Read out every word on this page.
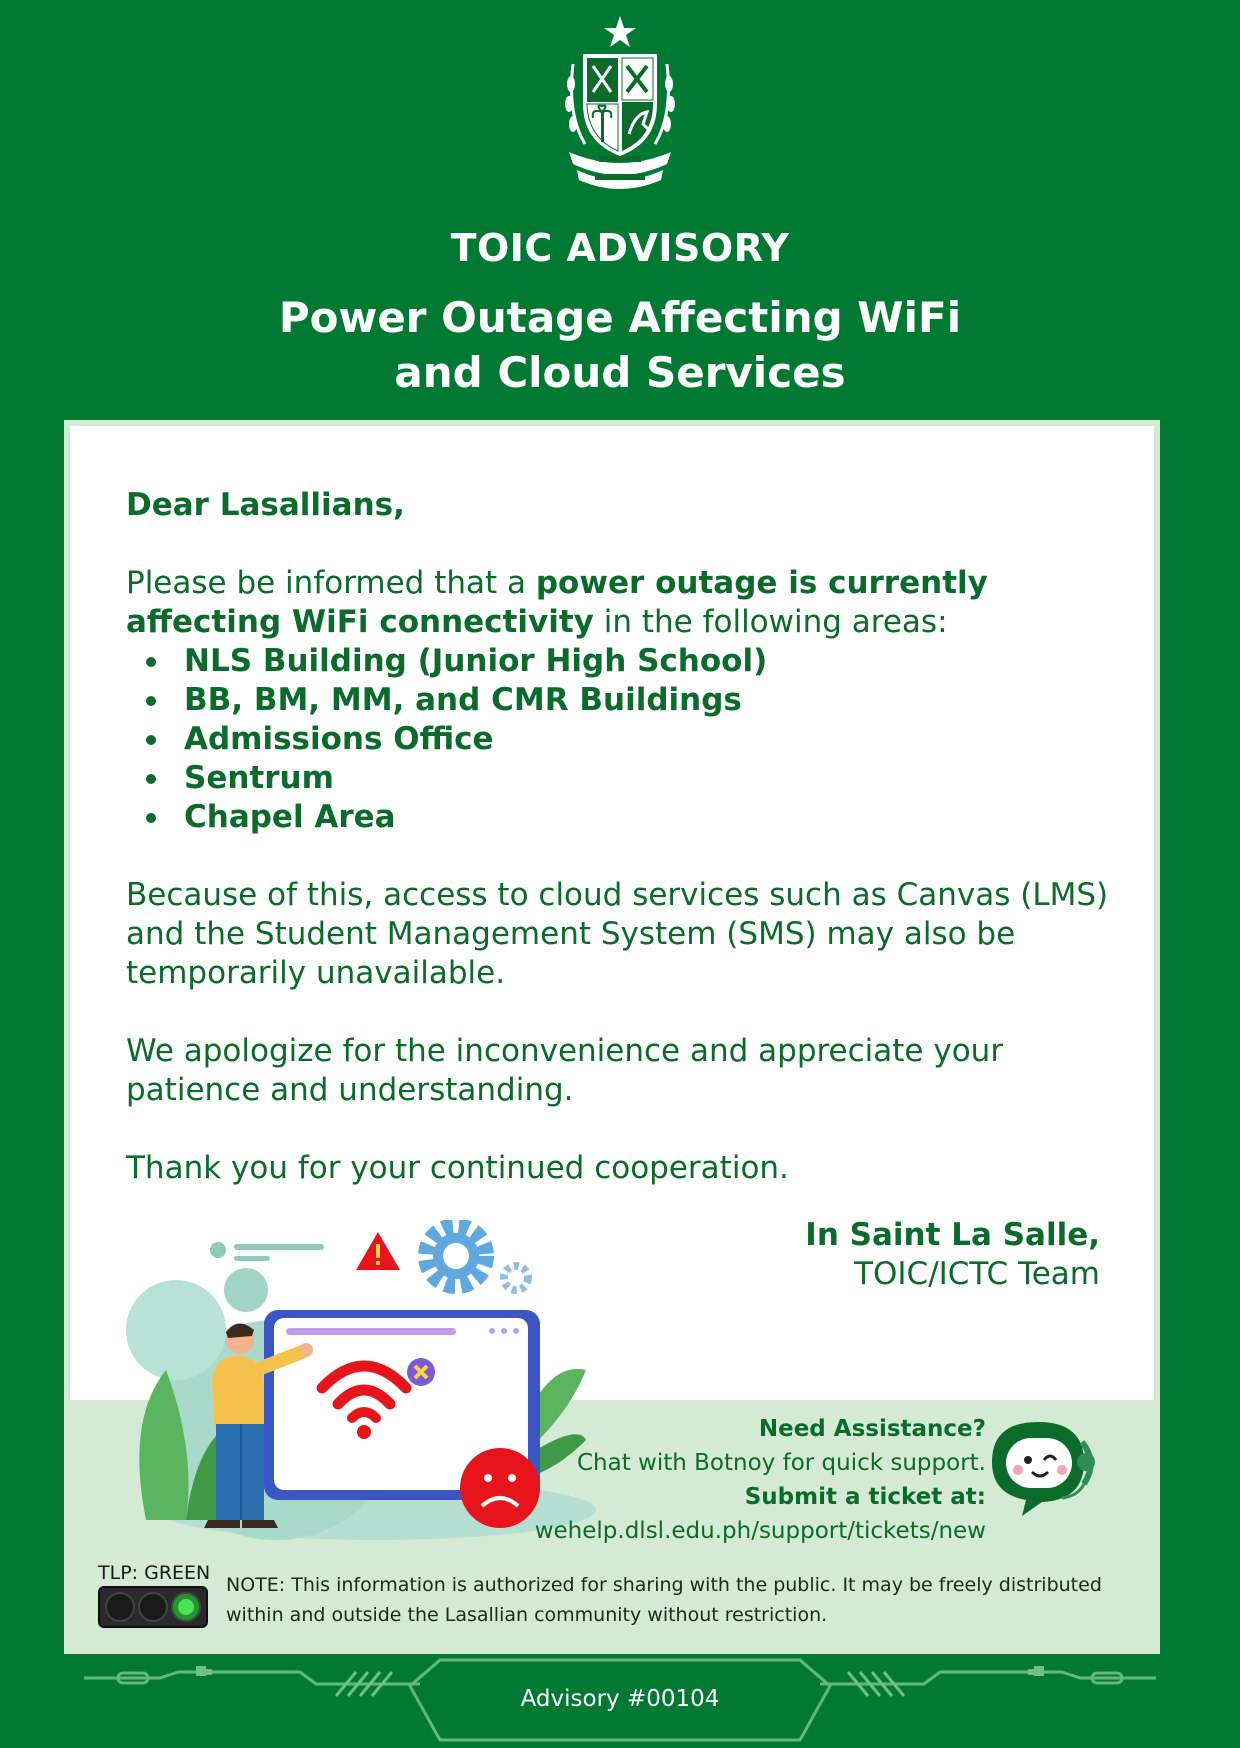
TOIC ADVISORY
Power Outage Affecting WiFi
and Cloud Services
Dear Lasallians,
Please be informed that a power outage is currently affecting WiFi connectivity in the following areas:
NLS Building (Junior High School)
BB, BM, MM, and CMR Buildings
Admissions Office
Sentrum
Chapel Area
Because of this, access to cloud services such as Canvas (LMS) and the Student Management System (SMS) may also be temporarily unavailable.
We apologize for the inconvenience and appreciate your patience and understanding.
Thank you for your continued cooperation.
In Saint La Salle,
TOIC/ICTC Team
Need Assistance?
Chat with Botnoy for quick support.
Submit a ticket at:
wehelp.dlsl.edu.ph/support/tickets/new
TLP: GREEN
NOTE: This information is authorized for sharing with the public. It may be freely distributed within and outside the Lasallian community without restriction.
Advisory #00104
